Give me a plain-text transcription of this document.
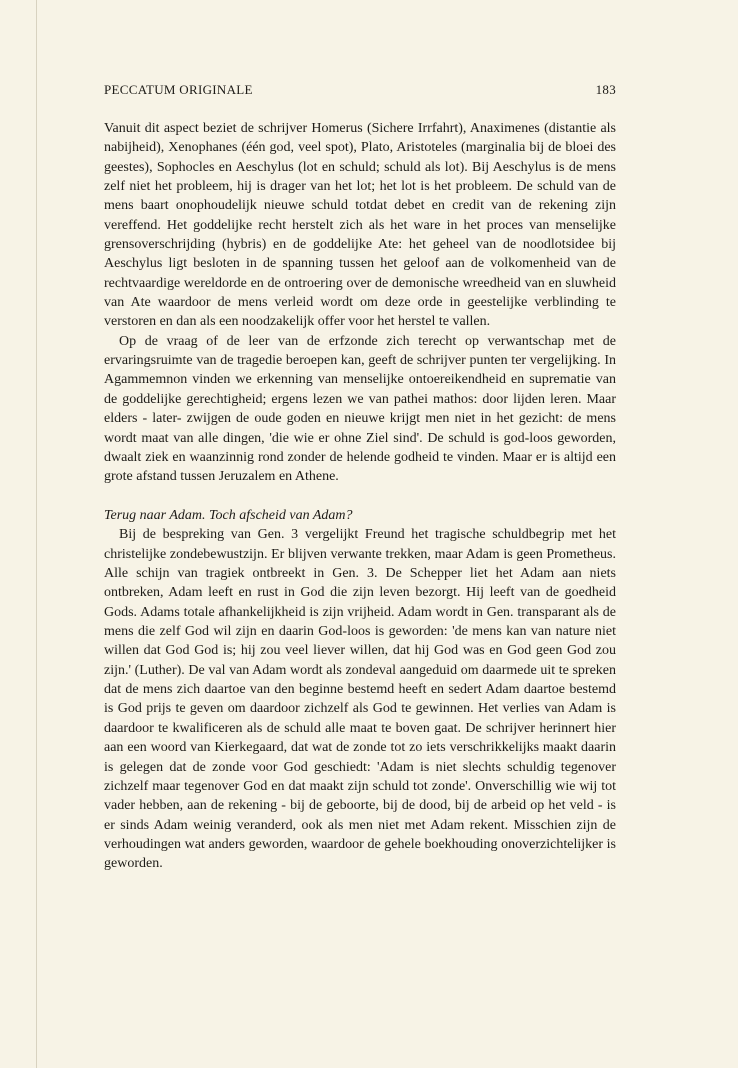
PECCATUM ORIGINALE	183

Vanuit dit aspect beziet de schrijver Homerus (Sichere Irrfahrt), Anaximenes (distantie als nabijheid), Xenophanes (één god, veel spot), Plato, Aristoteles (marginalia bij de bloei des geestes), Sophocles en Aeschylus (lot en schuld; schuld als lot). Bij Aeschylus is de mens zelf niet het probleem, hij is drager van het lot; het lot is het probleem. De schuld van de mens baart onophoudelijk nieuwe schuld totdat debet en credit van de rekening zijn vereffend. Het goddelijke recht herstelt zich als het ware in het proces van menselijke grensoverschrijding (hybris) en de goddelijke Ate: het geheel van de noodlotsidee bij Aeschylus ligt besloten in de spanning tussen het geloof aan de volkomenheid van de rechtvaardige wereldorde en de ontroering over de demonische wreedheid van en sluwheid van Ate waardoor de mens verleid wordt om deze orde in geestelijke verblinding te verstoren en dan als een noodzakelijk offer voor het herstel te vallen.

Op de vraag of de leer van de erfzonde zich terecht op verwantschap met de ervaringsruimte van de tragedie beroepen kan, geeft de schrijver punten ter vergelijking. In Agammemnon vinden we erkenning van menselijke ontoereikendheid en suprematie van de goddelijke gerechtigheid; ergens lezen we van pathei mathos: door lijden leren. Maar elders - later- zwijgen de oude goden en nieuwe krijgt men niet in het gezicht: de mens wordt maat van alle dingen, 'die wie er ohne Ziel sind'. De schuld is god-loos geworden, dwaalt ziek en waanzinnig rond zonder de helende godheid te vinden. Maar er is altijd een grote afstand tussen Jeruzalem en Athene.

Terug naar Adam. Toch afscheid van Adam?

Bij de bespreking van Gen. 3 vergelijkt Freund het tragische schuldbegrip met het christelijke zondebewustzijn. Er blijven verwante trekken, maar Adam is geen Prometheus. Alle schijn van tragiek ontbreekt in Gen. 3. De Schepper liet het Adam aan niets ontbreken, Adam leeft en rust in God die zijn leven bezorgt. Hij leeft van de goedheid Gods. Adams totale afhankelijkheid is zijn vrijheid. Adam wordt in Gen. transparant als de mens die zelf God wil zijn en daarin God-loos is geworden: 'de mens kan van nature niet willen dat God God is; hij zou veel liever willen, dat hij God was en God geen God zou zijn.' (Luther). De val van Adam wordt als zondeval aangeduid om daarmede uit te spreken dat de mens zich daartoe van den beginne bestemd heeft en sedert Adam daartoe bestemd is God prijs te geven om daardoor zichzelf als God te gewinnen. Het verlies van Adam is daardoor te kwalificeren als de schuld alle maat te boven gaat. De schrijver herinnert hier aan een woord van Kierkegaard, dat wat de zonde tot zo iets verschrikkelijks maakt daarin is gelegen dat de zonde voor God geschiedt: 'Adam is niet slechts schuldig tegenover zichzelf maar tegenover God en dat maakt zijn schuld tot zonde'. Onverschillig wie wij tot vader hebben, aan de rekening - bij de geboorte, bij de dood, bij de arbeid op het veld - is er sinds Adam weinig veranderd, ook als men niet met Adam rekent. Misschien zijn de verhoudingen wat anders geworden, waardoor de gehele boekhouding onoverzichtelijker is geworden.
